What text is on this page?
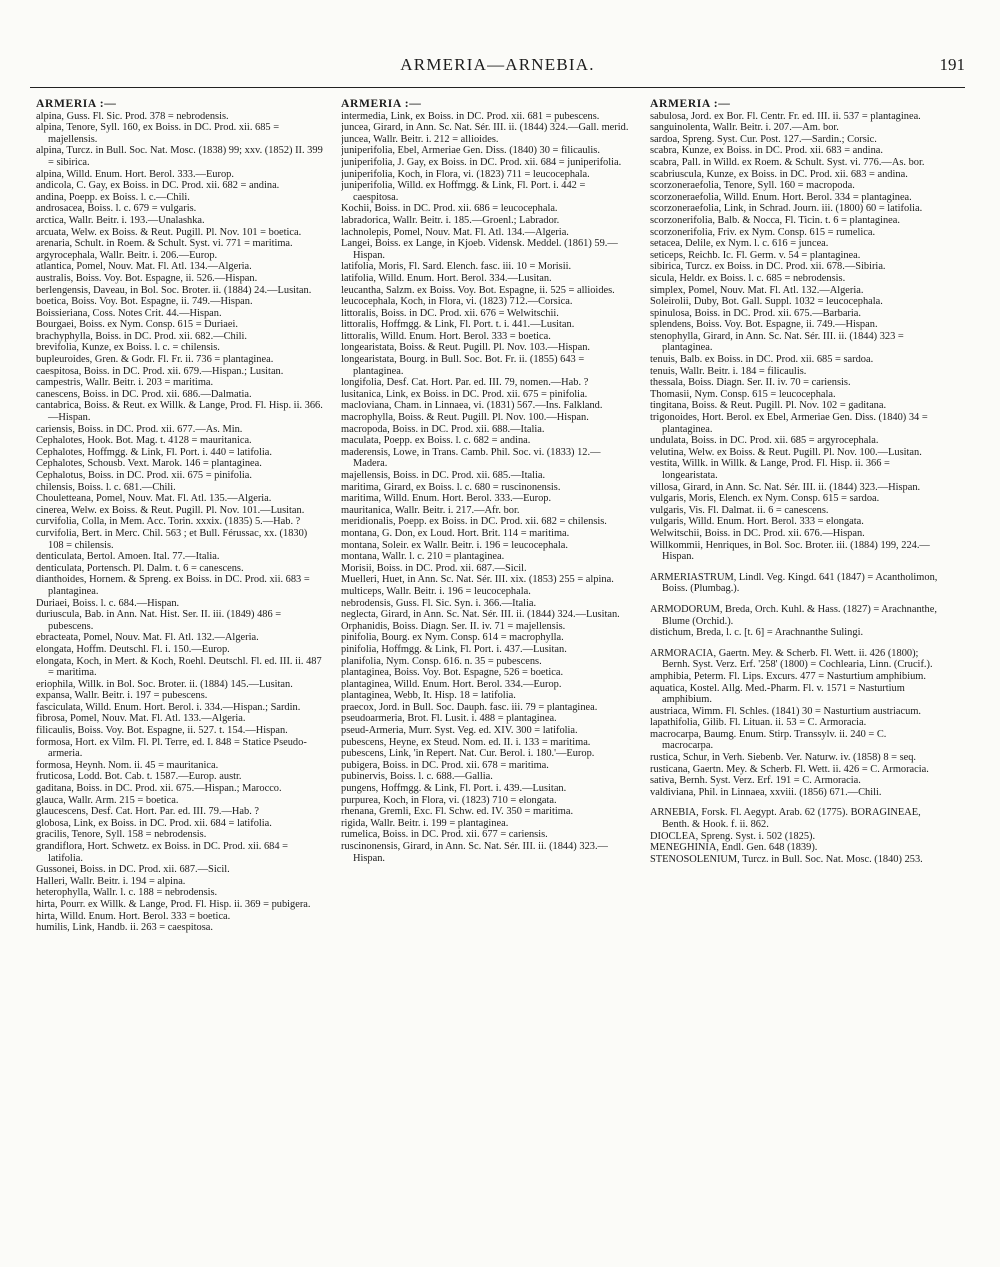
ARMERIA—ARNEBIA.	191
ARMERIA :—

alpina, Guss. Fl. Sic. Prod. 378 = nebrodensis.

alpina, Tenore, Syll. 160, ex Boiss. in DC. Prod. xii. 685 = majellensis.

alpina, Turcz. in Bull. Soc. Nat. Mosc. (1838) 99; xxv. (1852) II. 399 = sibirica.

alpina, Willd. Enum. Hort. Berol. 333.—Europ.

andicola, C. Gay, ex Boiss. in DC. Prod. xii. 682 = andina.

andina, Poepp. ex Boiss. l. c.—Chili.

androsacea, Boiss. l. c. 679 = vulgaris.

arctica, Wallr. Beitr. i. 193.—Unalashka.

arcuata, Welw. ex Boiss. & Reut. Pugill. Pl. Nov. 101 = boetica.

arenaria, Schult. in Roem. & Schult. Syst. vi. 771 = maritima.

argyrocephala, Wallr. Beitr. i. 206.—Europ.

atlantica, Pomel, Nouv. Mat. Fl. Atl. 134.—Algeria.

australis, Boiss. Voy. Bot. Espagne, ii. 526.—Hispan.

berlengensis, Daveau, in Bol. Soc. Broter. ii. (1884) 24.—Lusitan.

boetica, Boiss. Voy. Bot. Espagne, ii. 749.—Hispan.

Boissieriana, Coss. Notes Crit. 44.—Hispan.

Bourgaei, Boiss. ex Nym. Consp. 615 = Duriaei.

brachyphylla, Boiss. in DC. Prod. xii. 682.—Chili.

brevifolia, Kunze, ex Boiss. l. c. = chilensis.

bupleuroides, Gren. & Godr. Fl. Fr. ii. 736 = plantaginea.

caespitosa, Boiss. in DC. Prod. xii. 679.—Hispan.; Lusitan.

campestris, Wallr. Beitr. i. 203 = maritima.

canescens, Boiss. in DC. Prod. xii. 686.—Dalmatia.

cantabrica, Boiss. & Reut. ex Willk. & Lange, Prod. Fl. Hisp. ii. 366.—Hispan.

cariensis, Boiss. in DC. Prod. xii. 677.—As. Min.

Cephalotes, Hook. Bot. Mag. t. 4128 = mauritanica.

Cephalotes, Hoffmgg. & Link, Fl. Port. i. 440 = latifolia.

Cephalotes, Schousb. Vext. Marok. 146 = plantaginea.

Cephalotus, Boiss. in DC. Prod. xii. 675 = pinifolia.

chilensis, Boiss. l. c. 681.—Chili.

Chouletteana, Pomel, Nouv. Mat. Fl. Atl. 135.—Algeria.

cinerea, Welw. ex Boiss. & Reut. Pugill. Pl. Nov. 101.—Lusitan.

curvifolia, Colla, in Mem. Acc. Torin. xxxix. (1835) 5.—Hab. ?

curvifolia, Bert. in Merc. Chil. 563 ; et Bull. Férussac, xx. (1830) 108 = chilensis.

denticulata, Bertol. Amoen. Ital. 77.—Italia.

denticulata, Portensch. Pl. Dalm. t. 6 = canescens.

dianthoides, Hornem. & Spreng. ex Boiss. in DC. Prod. xii. 683 = plantaginea.

Duriaei, Boiss. l. c. 684.—Hispan.

duriuscula, Bab. in Ann. Nat. Hist. Ser. II. iii. (1849) 486 = pubescens.

ebracteata, Pomel, Nouv. Mat. Fl. Atl. 132.—Algeria.

elongata, Hoffm. Deutschl. Fl. i. 150.—Europ.

elongata, Koch, in Mert. & Koch, Roehl. Deutschl. Fl. ed. III. ii. 487 = maritima.

eriophila, Willk. in Bol. Soc. Broter. ii. (1884) 145.—Lusitan.

expansa, Wallr. Beitr. i. 197 = pubescens.

fasciculata, Willd. Enum. Hort. Berol. i. 334.—Hispan.; Sardin.

fibrosa, Pomel, Nouv. Mat. Fl. Atl. 133.—Algeria.

filicaulis, Boiss. Voy. Bot. Espagne, ii. 527. t. 154.—Hispan.

formosa, Hort. ex Vilm. Fl. Pl. Terre, ed. I. 848 = Statice Pseudo-armeria.

formosa, Heynh. Nom. ii. 45 = mauritanica.

fruticosa, Lodd. Bot. Cab. t. 1587.—Europ. austr.

gaditana, Boiss. in DC. Prod. xii. 675.—Hispan.; Marocco.

glauca, Wallr. Arm. 215 = boetica.

glaucescens, Desf. Cat. Hort. Par. ed. III. 79.—Hab. ?

globosa, Link, ex Boiss. in DC. Prod. xii. 684 = latifolia.

gracilis, Tenore, Syll. 158 = nebrodensis.

grandiflora, Hort. Schwetz. ex Boiss. in DC. Prod. xii. 684 = latifolia.

Gussonei, Boiss. in DC. Prod. xii. 687.—Sicil.

Halleri, Wallr. Beitr. i. 194 = alpina.

heterophylla, Wallr. l. c. 188 = nebrodensis.

hirta, Pourr. ex Willk. & Lange, Prod. Fl. Hisp. ii. 369 = pubigera.

hirta, Willd. Enum. Hort. Berol. 333 = boetica.

humilis, Link, Handb. ii. 263 = caespitosa.

ARMERIA :—

intermedia, Link, ex Boiss. in DC. Prod. xii. 681 = pubescens.

juncea, Girard, in Ann. Sc. Nat. Sér. III. ii. (1844) 324.—Gall. merid.

juncea, Wallr. Beitr. i. 212 = allioides.

juniperifolia, Ebel, Armeriae Gen. Diss. (1840) 30 = filicaulis.

juniperifolia, J. Gay, ex Boiss. in DC. Prod. xii. 684 = juniperifolia.

juniperifolia, Koch, in Flora, vi. (1823) 711 = leucocephala.

juniperifolia, Willd. ex Hoffmgg. & Link, Fl. Port. i. 442 = caespitosa.

Kochii, Boiss. in DC. Prod. xii. 686 = leucocephala.

labradorica, Wallr. Beitr. i. 185.—Groenl.; Labrador.

lachnolepis, Pomel, Nouv. Mat. Fl. Atl. 134.—Algeria.

Langei, Boiss. ex Lange, in Kjoeb. Vidensk. Meddel. (1861) 59.—Hispan.

latifolia, Moris, Fl. Sard. Elench. fasc. iii. 10 = Morisii.

latifolia, Willd. Enum. Hort. Berol. 334.—Lusitan.

leucantha, Salzm. ex Boiss. Voy. Bot. Espagne, ii. 525 = allioides.

leucocephala, Koch, in Flora, vi. (1823) 712.—Corsica.

littoralis, Boiss. in DC. Prod. xii. 676 = Welwitschii.

littoralis, Hoffmgg. & Link, Fl. Port. t. i. 441.—Lusitan.

littoralis, Willd. Enum. Hort. Berol. 333 = boetica.

longearistata, Boiss. & Reut. Pugill. Pl. Nov. 103.—Hispan.

longearistata, Bourg. in Bull. Soc. Bot. Fr. ii. (1855) 643 = plantaginea.

longifolia, Desf. Cat. Hort. Par. ed. III. 79, nomen.—Hab. ?

lusitanica, Link, ex Boiss. in DC. Prod. xii. 675 = pinifolia.

macloviana, Cham. in Linnaea, vi. (1831) 567.—Ins. Falkland.

macrophylla, Boiss. & Reut. Pugill. Pl. Nov. 100.—Hispan.

macropoda, Boiss. in DC. Prod. xii. 688.—Italia.

maculata, Poepp. ex Boiss. l. c. 682 = andina.

maderensis, Lowe, in Trans. Camb. Phil. Soc. vi. (1833) 12.—Madera.

majellensis, Boiss. in DC. Prod. xii. 685.—Italia.

maritima, Girard, ex Boiss. l. c. 680 = ruscinonensis.

maritima, Willd. Enum. Hort. Berol. 333.—Europ.

mauritanica, Wallr. Beitr. i. 217.—Afr. bor.

meridionalis, Poepp. ex Boiss. in DC. Prod. xii. 682 = chilensis.

montana, G. Don, ex Loud. Hort. Brit. 114 = maritima.

montana, Soleir. ex Wallr. Beitr. i. 196 = leucocephala.

montana, Wallr. l. c. 210 = plantaginea.

Morisii, Boiss. in DC. Prod. xii. 687.—Sicil.

Muelleri, Huet, in Ann. Sc. Nat. Sér. III. xix. (1853) 255 = alpina.

multiceps, Wallr. Beitr. i. 196 = leucocephala.

nebrodensis, Guss. Fl. Sic. Syn. i. 366.—Italia.

neglecta, Girard, in Ann. Sc. Nat. Sér. III. ii. (1844) 324.—Lusitan.

Orphanidis, Boiss. Diagn. Ser. II. iv. 71 = majellensis.

pinifolia, Bourg. ex Nym. Consp. 614 = macrophylla.

pinifolia, Hoffmgg. & Link, Fl. Port. i. 437.—Lusitan.

planifolia, Nym. Consp. 616. n. 35 = pubescens.

plantaginea, Boiss. Voy. Bot. Espagne, 526 = boetica.

plantaginea, Willd. Enum. Hort. Berol. 334.—Europ.

plantaginea, Webb, It. Hisp. 18 = latifolia.

praecox, Jord. in Bull. Soc. Dauph. fasc. iii. 79 = plantaginea.

pseudoarmeria, Brot. Fl. Lusit. i. 488 = plantaginea.

pseud-Armeria, Murr. Syst. Veg. ed. XIV. 300 = latifolia.

pubescens, Heyne, ex Steud. Nom. ed. II. i. 133 = maritima.

pubescens, Link, 'in Repert. Nat. Cur. Berol. i. 180.'—Europ.

pubigera, Boiss. in DC. Prod. xii. 678 = maritima.

pubinervis, Boiss. l. c. 688.—Gallia.

pungens, Hoffmgg. & Link, Fl. Port. i. 439.—Lusitan.

purpurea, Koch, in Flora, vi. (1823) 710 = elongata.

rhenana, Gremli, Exc. Fl. Schw. ed. IV. 350 = maritima.

rigida, Wallr. Beitr. i. 199 = plantaginea.

rumelica, Boiss. in DC. Prod. xii. 677 = cariensis.

ruscinonensis, Girard, in Ann. Sc. Nat. Sér. III. ii. (1844) 323.—Hispan.

ARMERIA :—

sabulosa, Jord. ex Bor. Fl. Centr. Fr. ed. III. ii. 537 = plantaginea.

sanguinolenta, Wallr. Beitr. i. 207.—Am. bor.

sardoa, Spreng. Syst. Cur. Post. 127.—Sardin.; Corsic.

scabra, Kunze, ex Boiss. in DC. Prod. xii. 683 = andina.

scabra, Pall. in Willd. ex Roem. & Schult. Syst. vi. 776.—As. bor.

scabriuscula, Kunze, ex Boiss. in DC. Prod. xii. 683 = andina.

scorzoneraefolia, Tenore, Syll. 160 = macropoda.

scorzoneraefolia, Willd. Enum. Hort. Berol. 334 = plantaginea.

scorzoneraefolia, Link, in Schrad. Journ. iii. (1800) 60 = latifolia.

scorzonerifolia, Balb. & Nocca, Fl. Ticin. t. 6 = plantaginea.

scorzonerifolia, Friv. ex Nym. Consp. 615 = rumelica.

setacea, Delile, ex Nym. l. c. 616 = juncea.

seticeps, Reichb. Ic. Fl. Germ. v. 54 = plantaginea.

sibirica, Turcz. ex Boiss. in DC. Prod. xii. 678.—Sibiria.

sicula, Heldr. ex Boiss. l. c. 685 = nebrodensis.

simplex, Pomel, Nouv. Mat. Fl. Atl. 132.—Algeria.

Soleirolii, Duby, Bot. Gall. Suppl. 1032 = leucocephala.

spinulosa, Boiss. in DC. Prod. xii. 675.—Barbaria.

splendens, Boiss. Voy. Bot. Espagne, ii. 749.—Hispan.

stenophylla, Girard, in Ann. Sc. Nat. Sér. III. ii. (1844) 323 = plantaginea.

tenuis, Balb. ex Boiss. in DC. Prod. xii. 685 = sardoa.

tenuis, Wallr. Beitr. i. 184 = filicaulis.

thessala, Boiss. Diagn. Ser. II. iv. 70 = cariensis.

Thomasii, Nym. Consp. 615 = leucocephala.

tingitana, Boiss. & Reut. Pugill. Pl. Nov. 102 = gaditana.

trigonoides, Hort. Berol. ex Ebel, Armeriae Gen. Diss. (1840) 34 = plantaginea.

undulata, Boiss. in DC. Prod. xii. 685 = argyrocephala.

velutina, Welw. ex Boiss. & Reut. Pugill. Pl. Nov. 100.—Lusitan.

vestita, Willk. in Willk. & Lange, Prod. Fl. Hisp. ii. 366 = longearistata.

villosa, Girard, in Ann. Sc. Nat. Sér. III. ii. (1844) 323.—Hispan.

vulgaris, Moris, Elench. ex Nym. Consp. 615 = sardoa.

vulgaris, Vis. Fl. Dalmat. ii. 6 = canescens.

vulgaris, Willd. Enum. Hort. Berol. 333 = elongata.

Welwitschii, Boiss. in DC. Prod. xii. 676.—Hispan.

Willkommii, Henriques, in Bol. Soc. Broter. iii. (1884) 199, 224.—Hispan.

ARMERIASTRUM, Lindl. Veg. Kingd. 641 (1847) = Acantholimon, Boiss. (Plumbag.).

ARMODORUM, Breda, Orch. Kuhl. & Hass. (1827) = Arachnanthe, Blume (Orchid.).

distichum, Breda, l. c. [t. 6] = Arachnanthe Sulingi.

ARMORACIA, Gaertn. Mey. & Scherb. Fl. Wett. ii. 426 (1800); Bernh. Syst. Verz. Erf. '258' (1800) = Cochlearia, Linn. (Crucif.).

amphibia, Peterm. Fl. Lips. Excurs. 477 = Nasturtium amphibium.

aquatica, Kostel. Allg. Med.-Pharm. Fl. v. 1571 = Nasturtium amphibium.

austriaca, Wimm. Fl. Schles. (1841) 30 = Nasturtium austriacum.

lapathifolia, Gilib. Fl. Lituan. ii. 53 = C. Armoracia.

macrocarpa, Baumg. Enum. Stirp. Transsylv. ii. 240 = C. macrocarpa.

rustica, Schur, in Verh. Siebenb. Ver. Naturw. iv. (1858) 8 = seq.

rusticana, Gaertn. Mey. & Scherb. Fl. Wett. ii. 426 = C. Armoracia.

sativa, Bernh. Syst. Verz. Erf. 191 = C. Armoracia.

valdiviana, Phil. in Linnaea, xxviii. (1856) 671.—Chili.

ARNEBIA, Forsk. Fl. Aegypt. Arab. 62 (1775). BORAGINEAE, Benth. & Hook. f. ii. 862.

DIOCLEA, Spreng. Syst. i. 502 (1825).

MENEGHINIA, Endl. Gen. 648 (1839).

STENOSOLENIUM, Turcz. in Bull. Soc. Nat. Mosc. (1840) 253.
